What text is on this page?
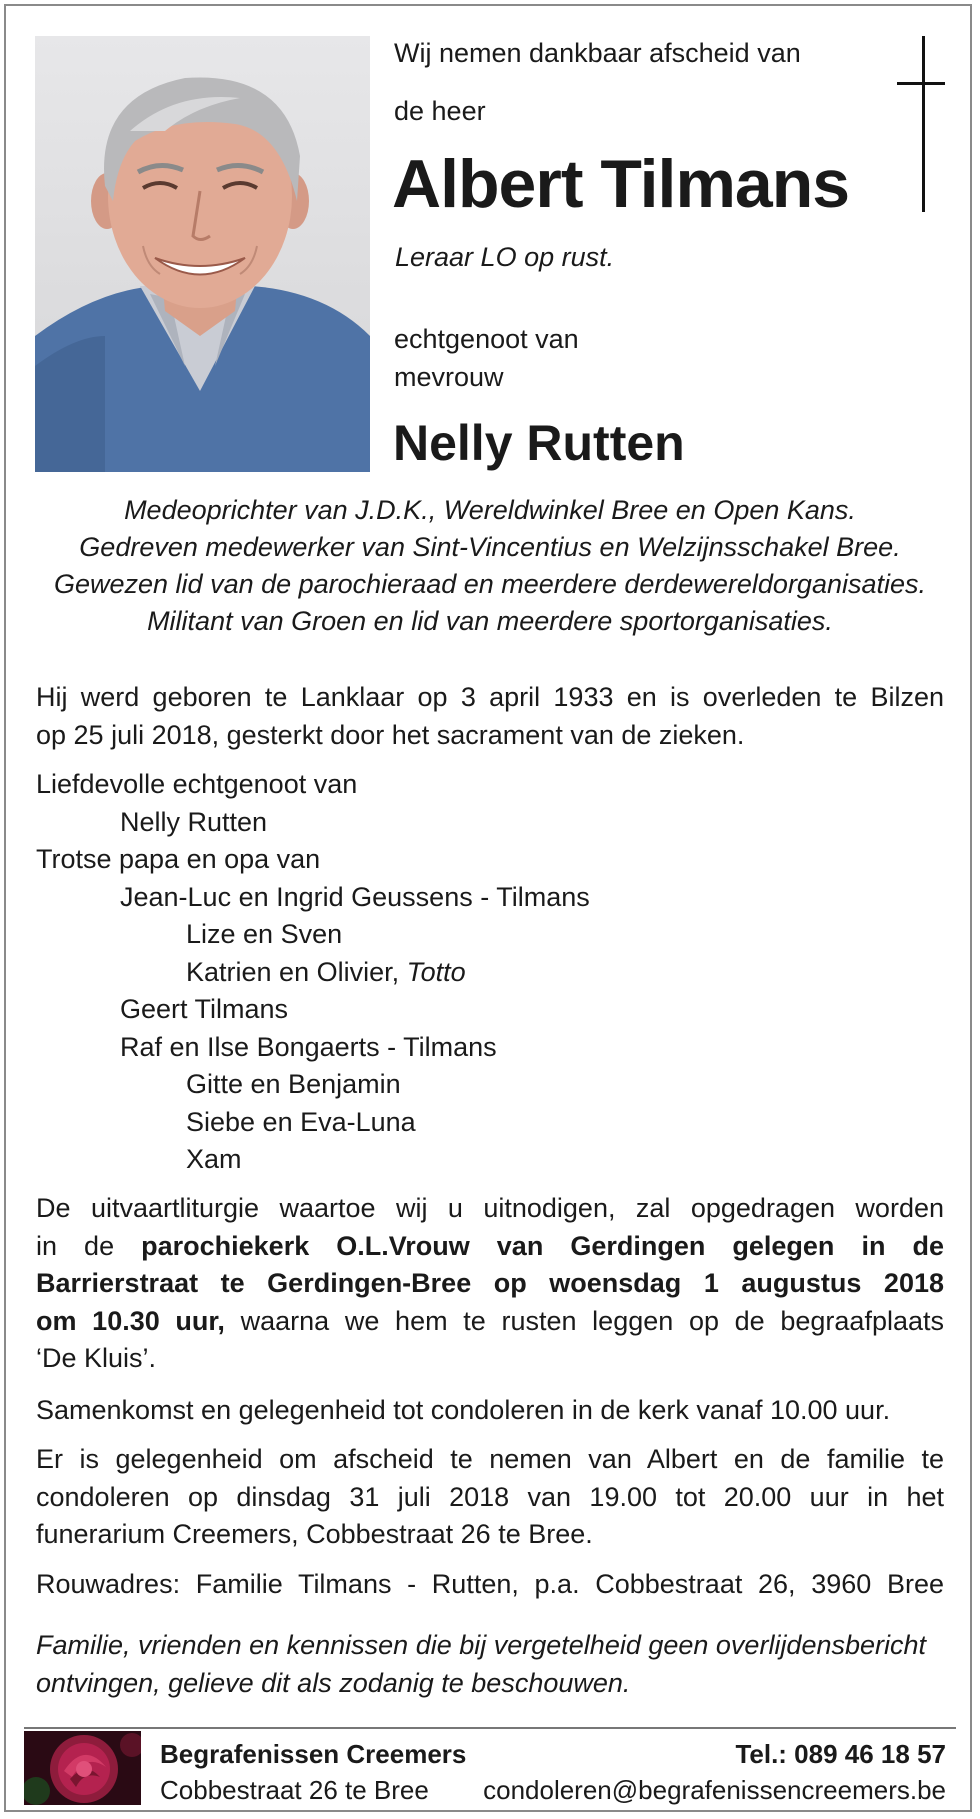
Wij nemen dankbaar afscheid van
de heer
Albert Tilmans
Leraar LO op rust.
echtgenoot van
mevrouw
Nelly Rutten
Medeoprichter van J.D.K., Wereldwinkel Bree en Open Kans.
Gedreven medewerker van Sint-Vincentius en Welzijnsschakel Bree.
Gewezen lid van de parochieraad en meerdere derdewereldorganisaties.
Militant van Groen en lid van meerdere sportorganisaties.
Hij werd geboren te Lanklaar op 3 april 1933 en is overleden te Bilzen
op 25 juli 2018, gesterkt door het sacrament van de zieken.
Liefdevolle echtgenoot van
Nelly Rutten
Trotse papa en opa van
Jean-Luc en Ingrid Geussens - Tilmans
Lize en Sven
Katrien en Olivier, Totto
Geert Tilmans
Raf en Ilse Bongaerts - Tilmans
Gitte en Benjamin
Siebe en Eva-Luna
Xam
De uitvaartliturgie waartoe wij u uitnodigen, zal opgedragen worden
in de parochiekerk O.L.Vrouw van Gerdingen gelegen in de
Barrierstraat te Gerdingen-Bree op woensdag 1 augustus 2018
om 10.30 uur, waarna we hem te rusten leggen op de begraafplaats
‘De Kluis’.
Samenkomst en gelegenheid tot condoleren in de kerk vanaf 10.00 uur.
Er is gelegenheid om afscheid te nemen van Albert en de familie te
condoleren op dinsdag 31 juli 2018 van 19.00 tot 20.00 uur in het
funerarium Creemers, Cobbestraat 26 te Bree.
Rouwadres: Familie Tilmans - Rutten, p.a. Cobbestraat 26, 3960 Bree
Familie, vrienden en kennissen die bij vergetelheid geen overlijdensbericht
ontvingen, gelieve dit als zodanig te beschouwen.
Begrafenissen Creemers
Cobbestraat 26 te Bree
Tel.: 089 46 18 57
condoleren@begrafenissencreemers.be
